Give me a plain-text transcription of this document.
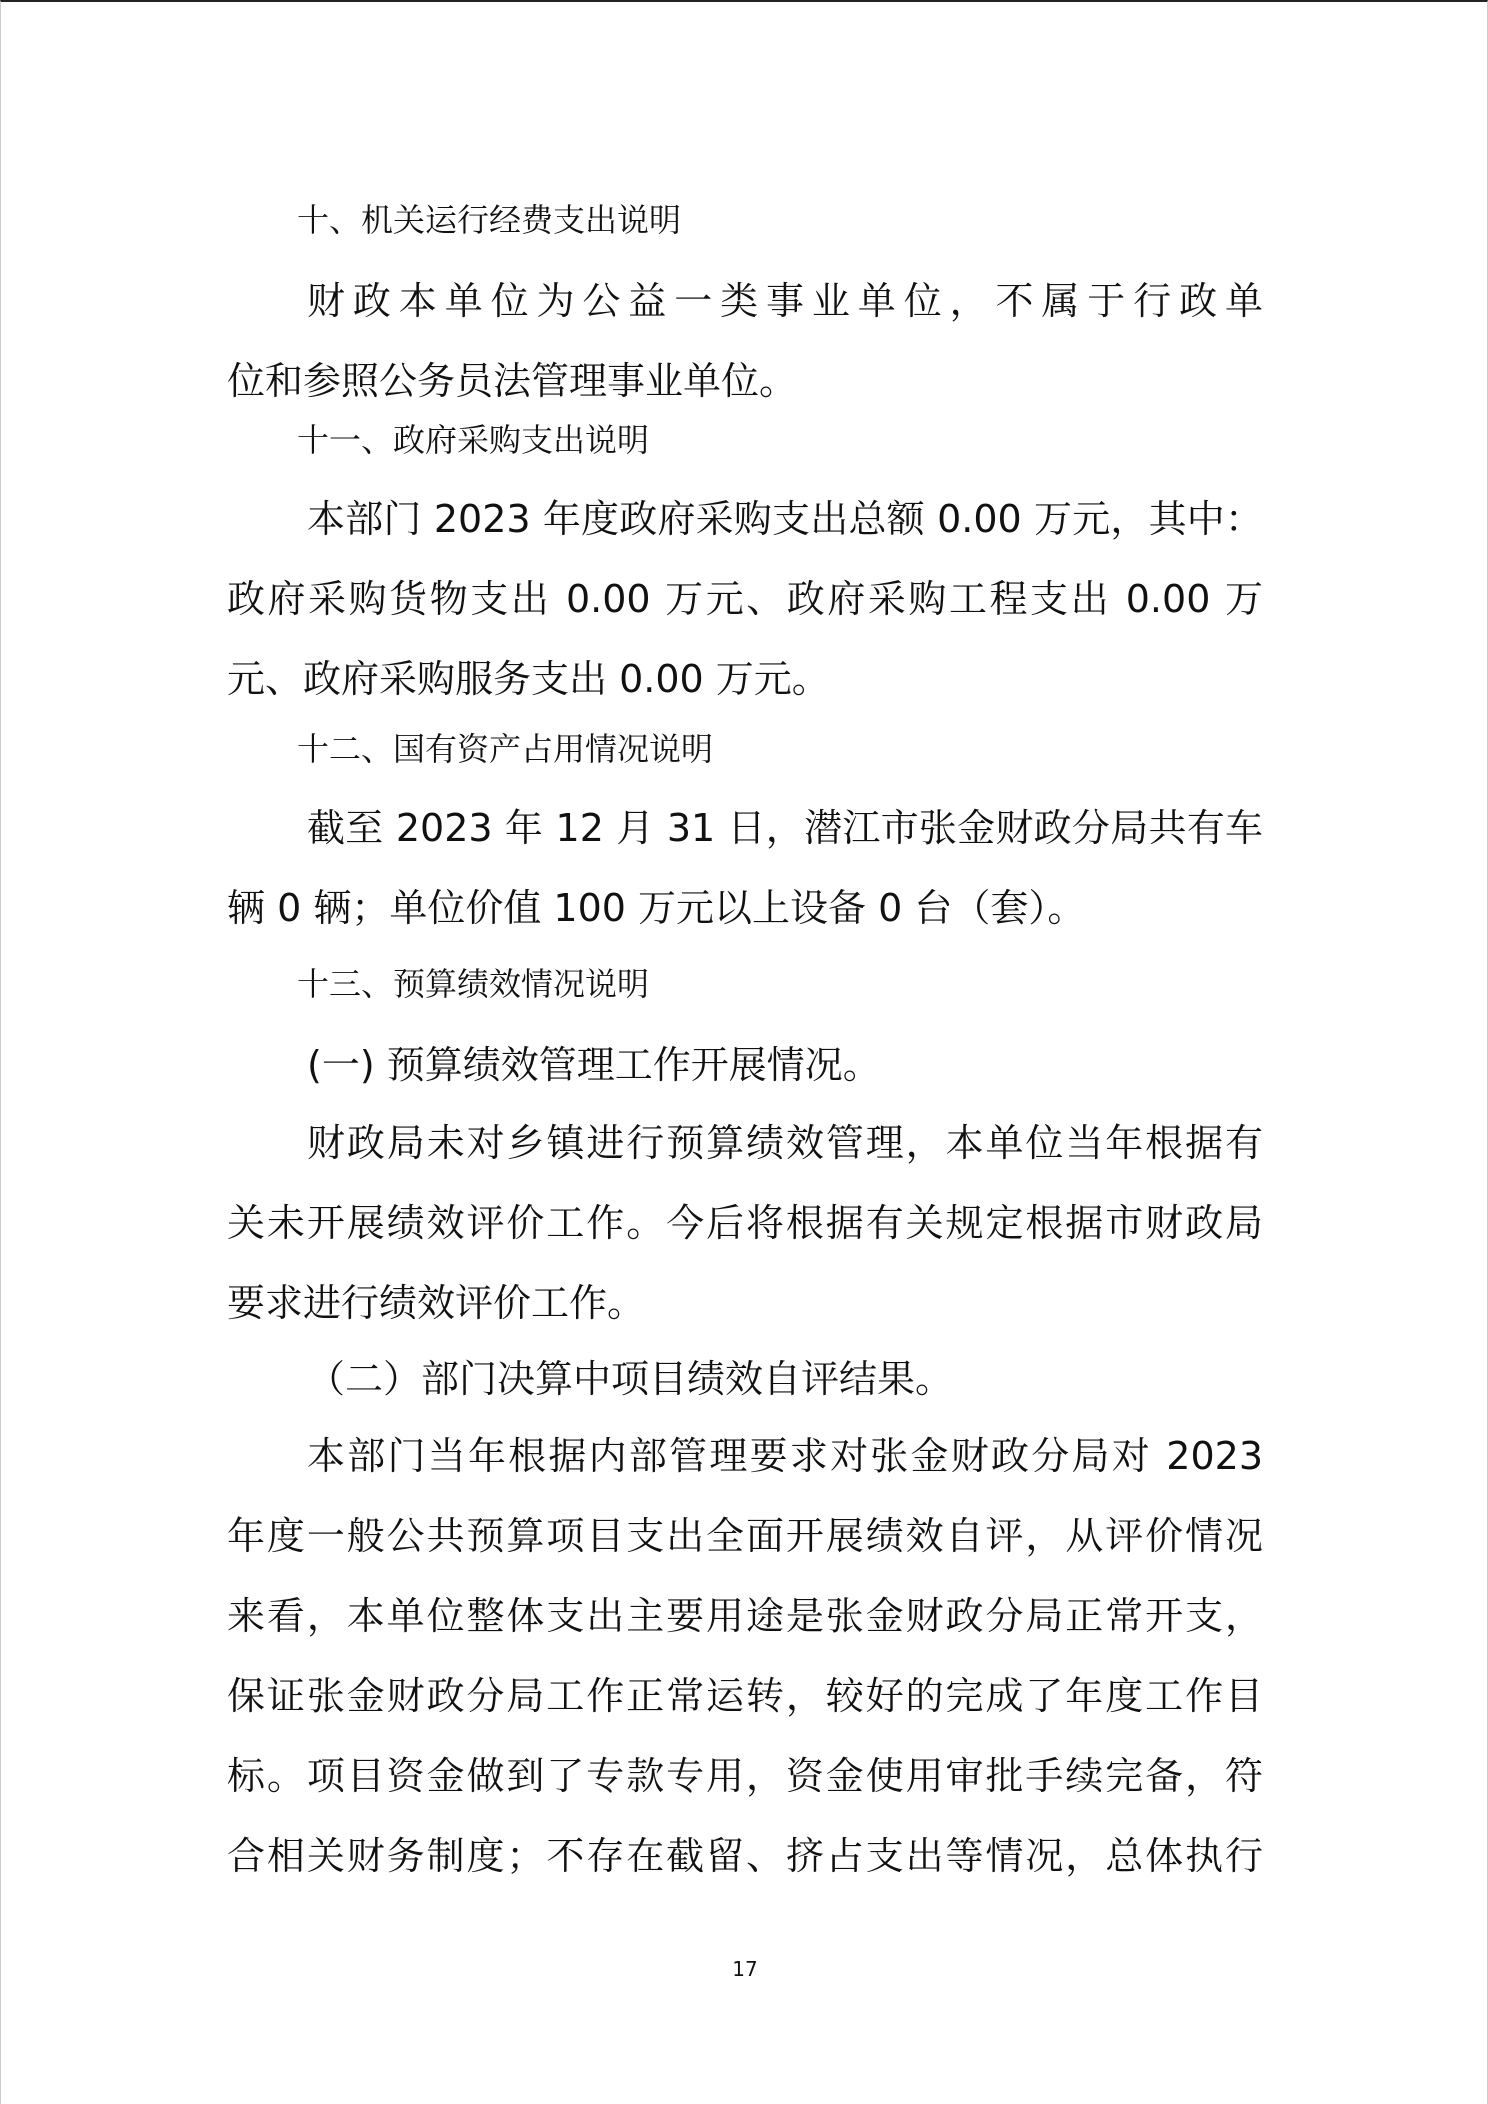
十、机关运行经费支出说明
财政本单位为公益一类事业单位，不属于行政单
位和参照公务员法管理事业单位。
十一、政府采购支出说明
本部门 2023 年度政府采购支出总额 0.00 万元，其中：
政府采购货物支出 0.00 万元、政府采购工程支出 0.00 万
元、政府采购服务支出 0.00 万元。
十二、国有资产占用情况说明
截至 2023 年 12 月 31 日，潜江市张金财政分局共有车
辆 0 辆；单位价值 100 万元以上设备 0 台（套）。
十三、预算绩效情况说明

(一) 预算绩效管理工作开展情况。

财政局未对乡镇进行预算绩效管理，本单位当年根据有
关未开展绩效评价工作。今后将根据有关规定根据市财政局
要求进行绩效评价工作。

（二）部门决算中项目绩效自评结果。

本部门当年根据内部管理要求对张金财政分局对 2023
年度一般公共预算项目支出全面开展绩效自评，从评价情况
来看，本单位整体支出主要用途是张金财政分局正常开支，
保证张金财政分局工作正常运转，较好的完成了年度工作目
标。项目资金做到了专款专用，资金使用审批手续完备，符
合相关财务制度；不存在截留、挤占支出等情况，总体执行
17
